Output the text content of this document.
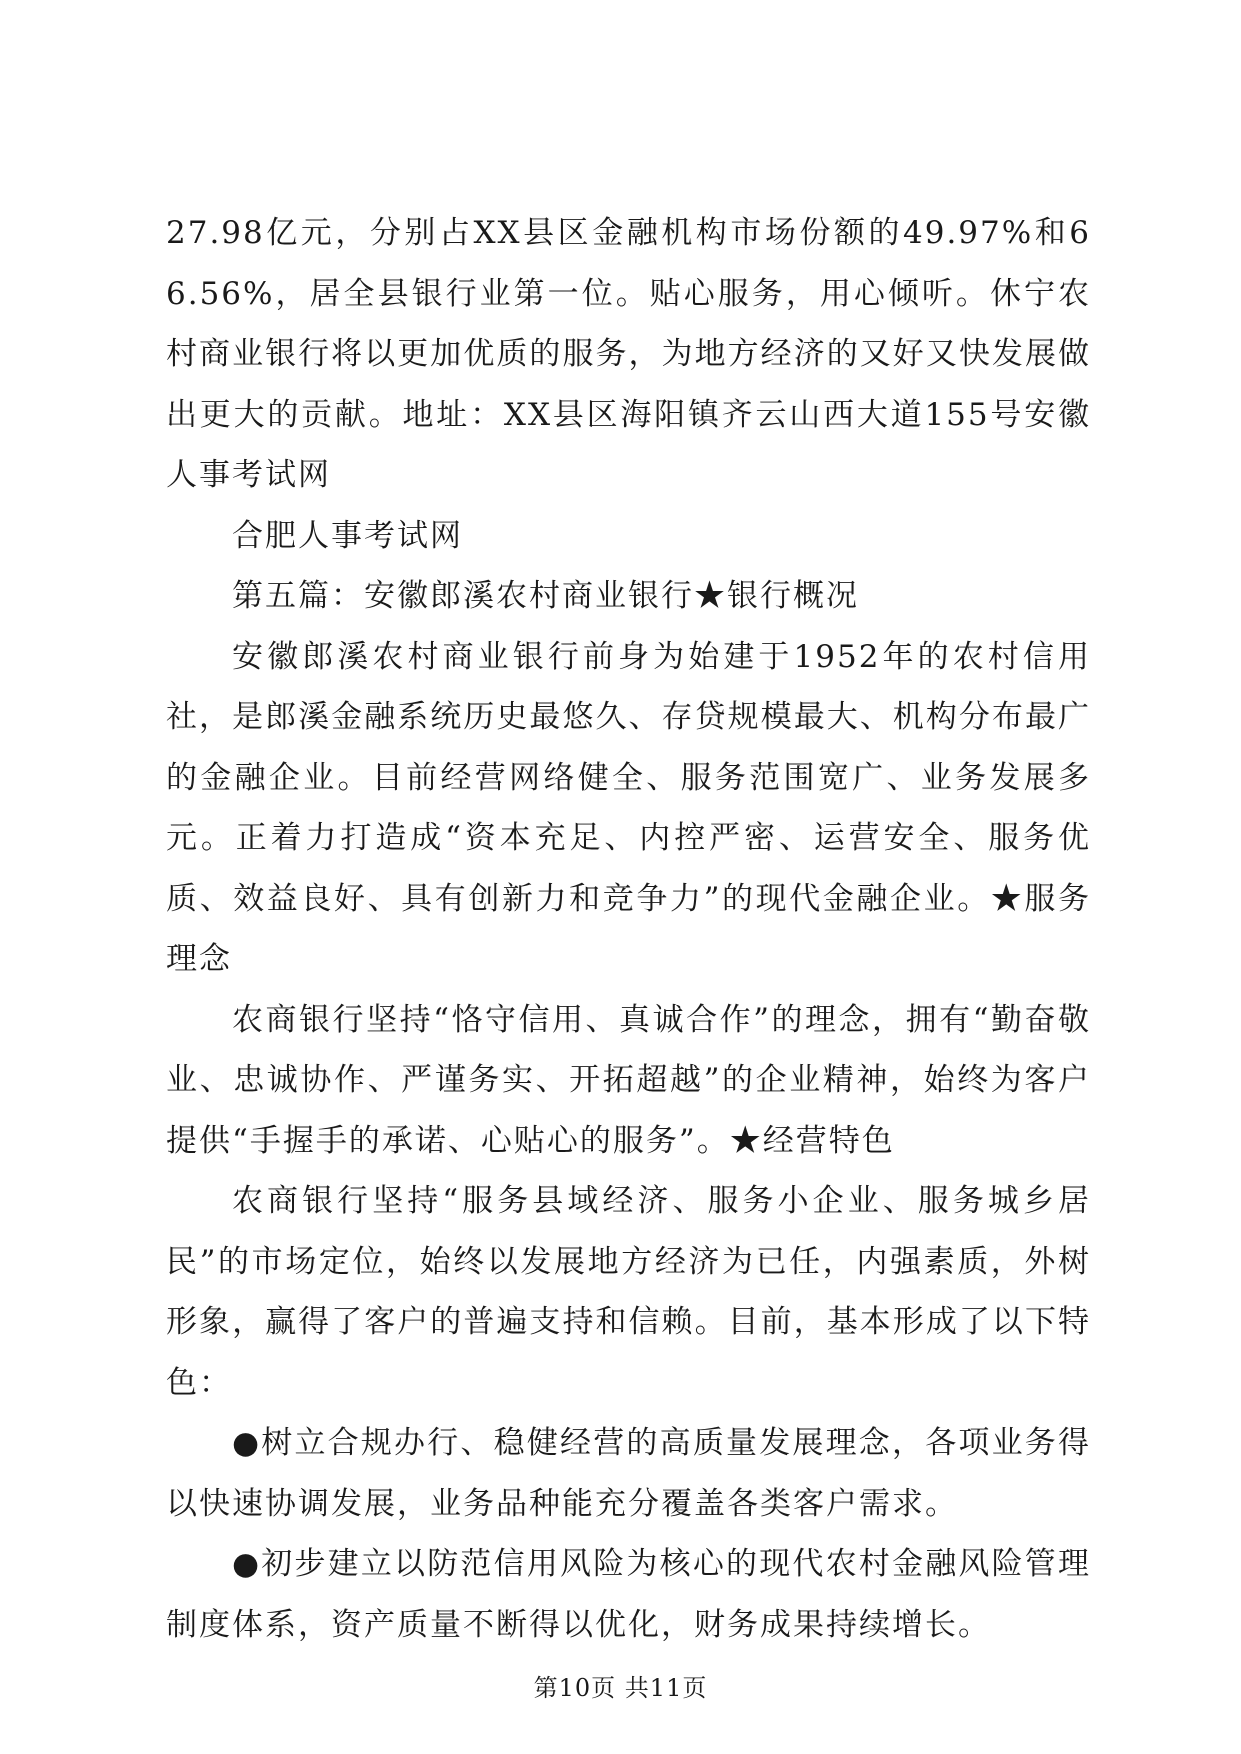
27.98亿元，分别占XX县区金融机构市场份额的49.97%和66.56%，居全县银行业第一位。贴心服务，用心倾听。休宁农村商业银行将以更加优质的服务，为地方经济的又好又快发展做出更大的贡献。地址：XX县区海阳镇齐云山西大道155号安徽人事考试网

合肥人事考试网

第五篇：安徽郎溪农村商业银行★银行概况

安徽郎溪农村商业银行前身为始建于1952年的农村信用社，是郎溪金融系统历史最悠久、存贷规模最大、机构分布最广的金融企业。目前经营网络健全、服务范围宽广、业务发展多元。正着力打造成“资本充足、内控严密、运营安全、服务优质、效益良好、具有创新力和竞争力”的现代金融企业。★服务理念

农商银行坚持“恪守信用、真诚合作”的理念，拥有“勤奋敬业、忠诚协作、严谨务实、开拓超越”的企业精神，始终为客户提供“手握手的承诺、心贴心的服务”。★经营特色

农商银行坚持“服务县域经济、服务小企业、服务城乡居民”的市场定位，始终以发展地方经济为已任，内强素质，外树形象，赢得了客户的普遍支持和信赖。目前，基本形成了以下特色：

●树立合规办行、稳健经营的高质量发展理念，各项业务得以快速协调发展，业务品种能充分覆盖各类客户需求。

●初步建立以防范信用风险为核心的现代农村金融风险管理制度体系，资产质量不断得以优化，财务成果持续增长。

第10页 共11页
